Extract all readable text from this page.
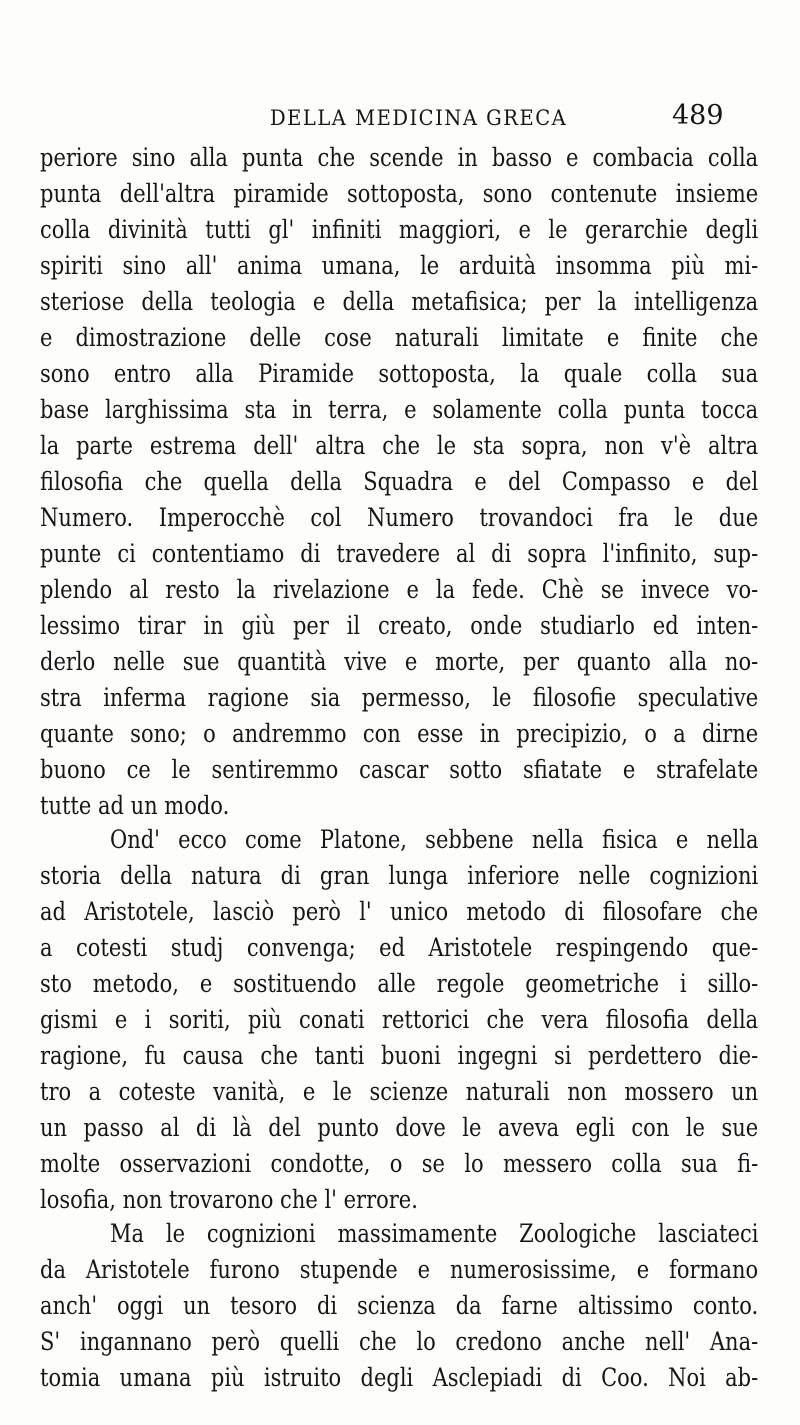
DELLA MEDICINA GRECA	489
periore sino alla punta che scende in basso e combacia colla
punta dell'altra piramide sottoposta, sono contenute insieme
colla divinità tutti gl' infiniti maggiori, e le gerarchie degli
spiriti sino all' anima umana, le arduità insomma più mi-
steriose della teologia e della metafisica; per la intelligenza
e dimostrazione delle cose naturali limitate e finite che
sono entro alla Piramide sottoposta, la quale colla sua
base larghissima sta in terra, e solamente colla punta tocca
la parte estrema dell' altra che le sta sopra, non v'è altra
filosofia che quella della Squadra e del Compasso e del
Numero. Imperocchè col Numero trovandoci fra le due
punte ci contentiamo di travedere al di sopra l'infinito, sup-
plendo al resto la rivelazione e la fede. Chè se invece vo-
lessimo tirar in giù per il creato, onde studiarlo ed inten-
derlo nelle sue quantità vive e morte, per quanto alla no-
stra inferma ragione sia permesso, le filosofie speculative
quante sono; o andremmo con esse in precipizio, o a dirne
buono ce le sentiremmo cascar sotto sfiatate e strafelate
tutte ad un modo.
Ond' ecco come Platone, sebbene nella fisica e nella
storia della natura di gran lunga inferiore nelle cognizioni
ad Aristotele, lasciò però l' unico metodo di filosofare che
a cotesti studj convenga; ed Aristotele respingendo que-
sto metodo, e sostituendo alle regole geometriche i sillo-
gismi e i soriti, più conati rettorici che vera filosofia della
ragione, fu causa che tanti buoni ingegni si perdettero die-
tro a coteste vanità, e le scienze naturali non mossero un
un passo al di là del punto dove le aveva egli con le sue
molte osservazioni condotte, o se lo messero colla sua fi-
losofia, non trovarono che l' errore.
Ma le cognizioni massimamente Zoologiche lasciateci
da Aristotele furono stupende e numerosissime, e formano
anch' oggi un tesoro di scienza da farne altissimo conto.
S' ingannano però quelli che lo credono anche nell' Ana-
tomia umana più istruito degli Asclepiadi di Coo. Noi ab-
